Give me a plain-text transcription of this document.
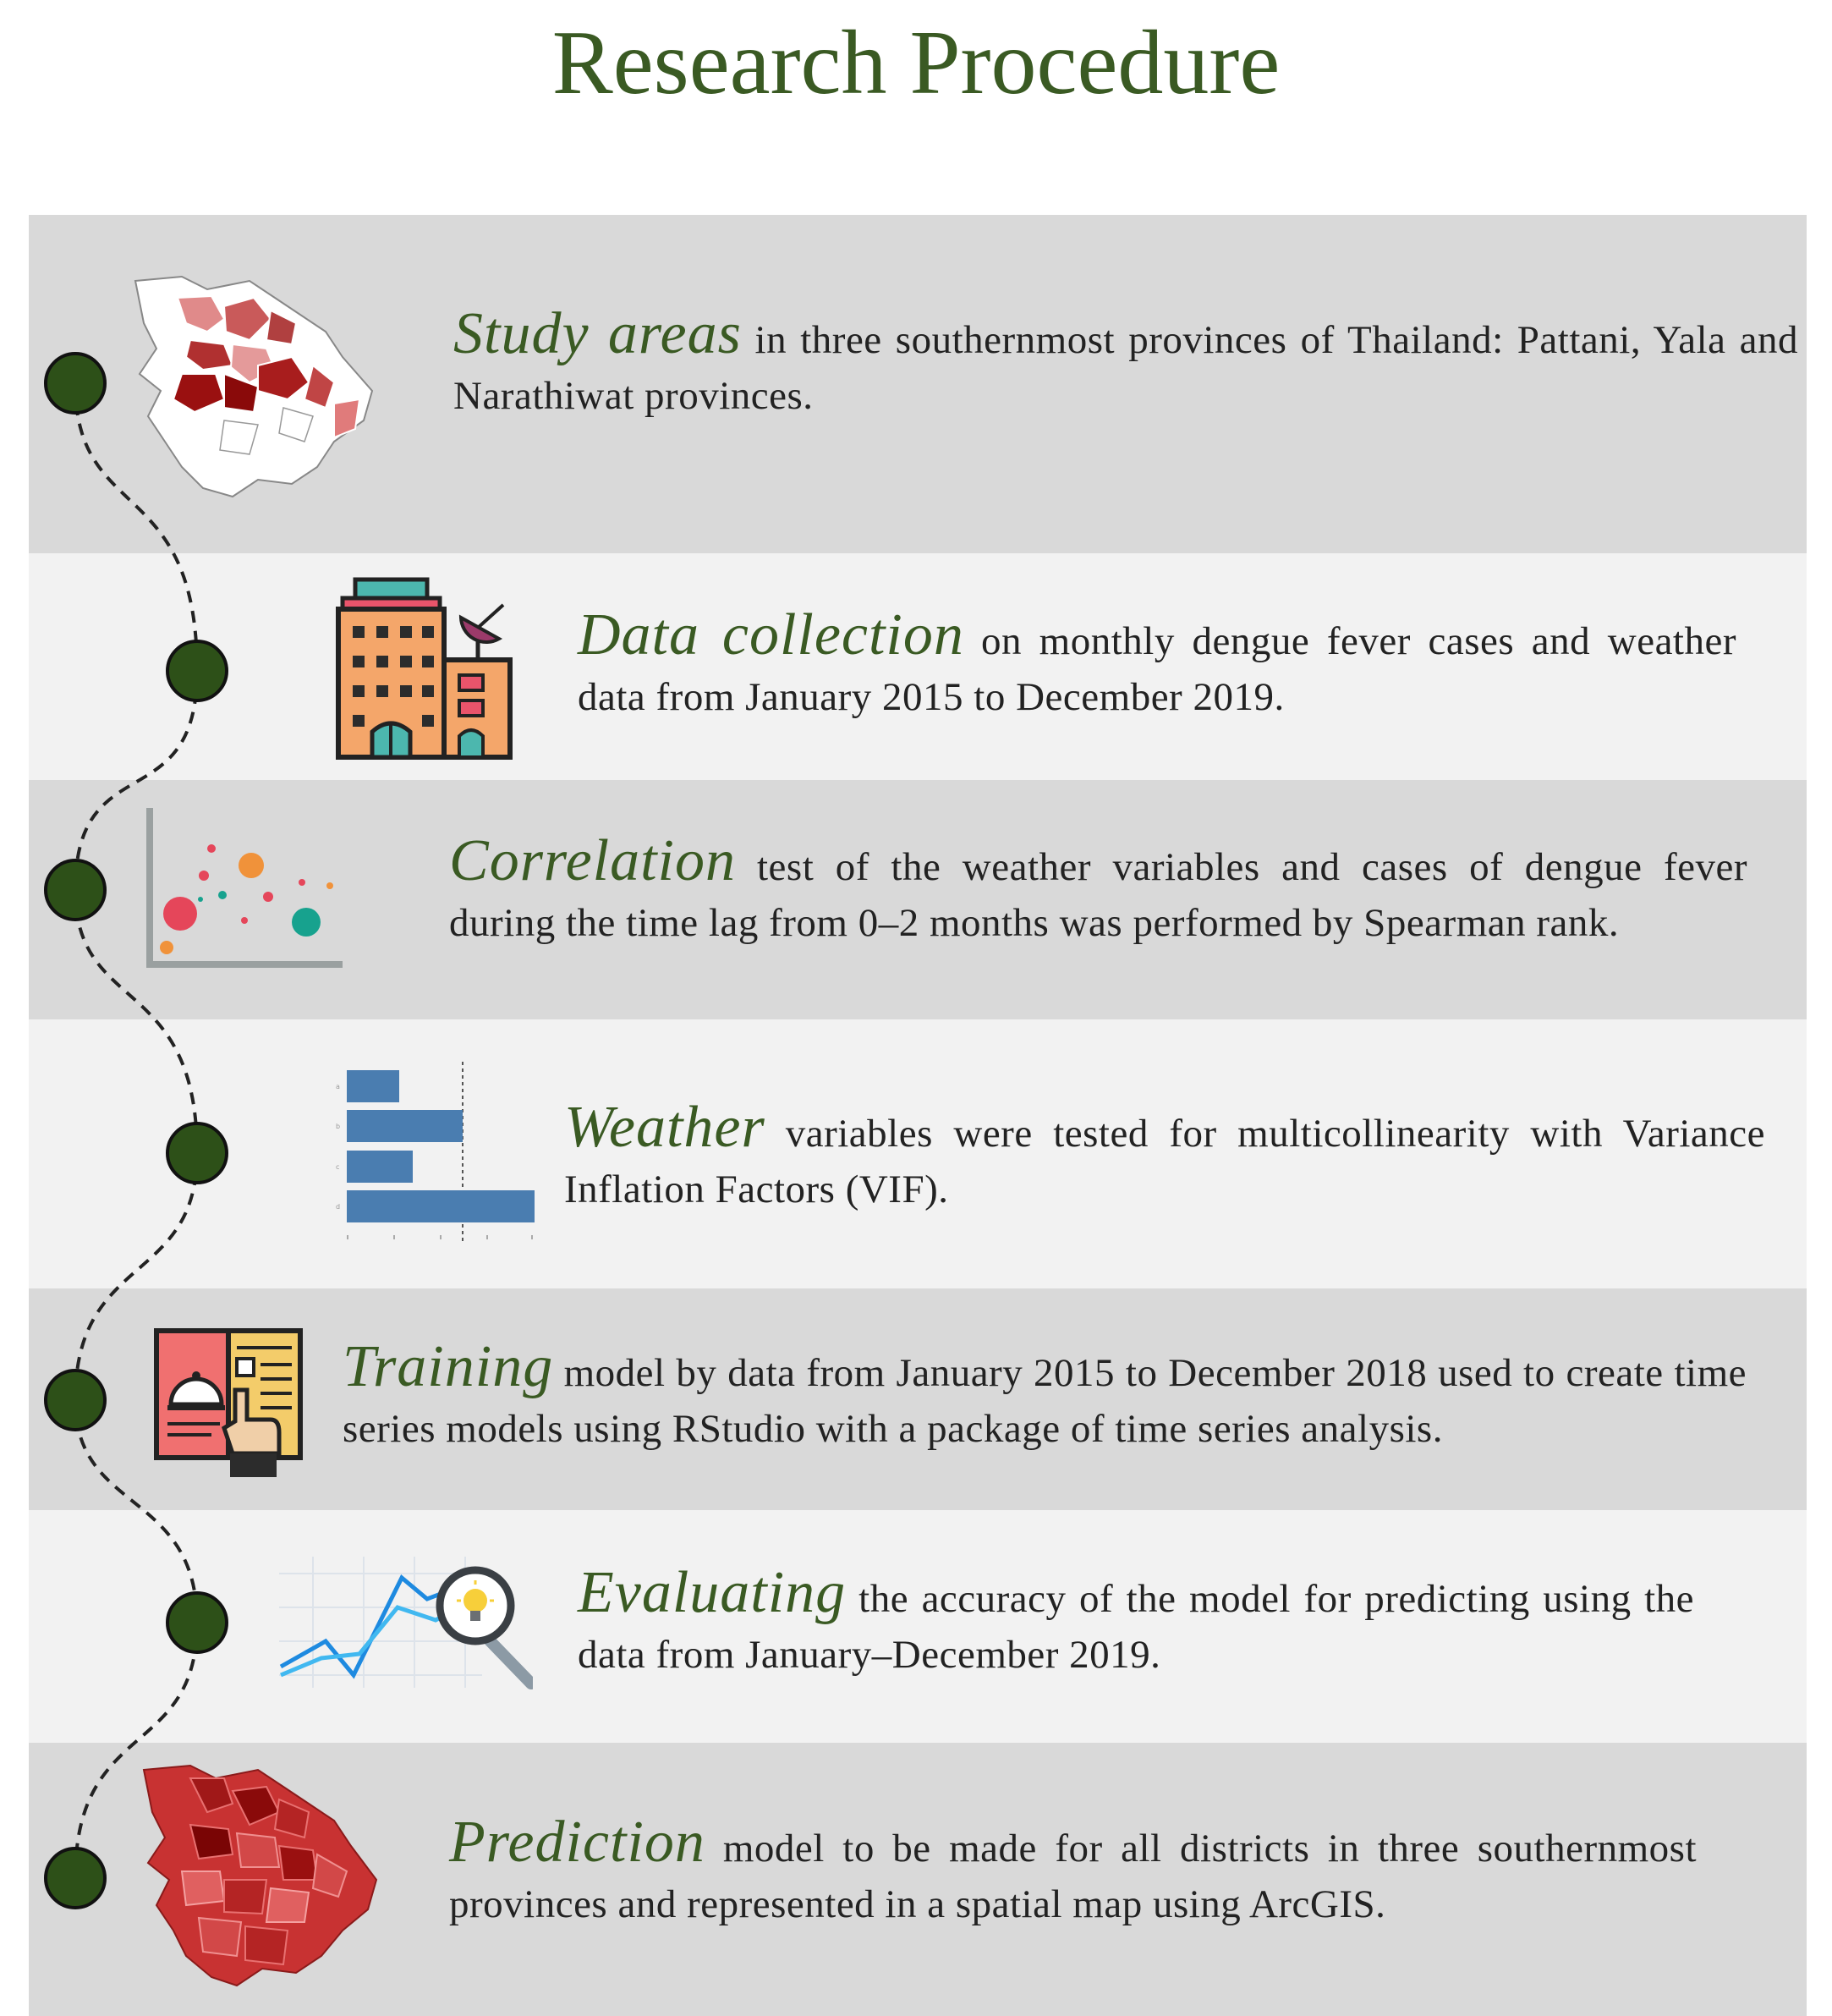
Research Procedure
a
b
c
d
Study areas in three southernmost provinces of Thailand: Pattani, Yala and Narathiwat provinces.
Data collection on monthly dengue fever cases and weather data from January 2015 to December 2019.
Correlation test of the weather variables and cases of dengue fever during the time lag from 0–2 months was performed by Spearman rank.
Weather variables were tested for multicollinearity with Variance Inflation Factors (VIF).
Training model by data from January 2015 to December 2018 used to create time series models using RStudio with a package of time series analysis.
Evaluating the accuracy of the model for predicting using the data from January–December 2019.
Prediction model to be made for all districts in three southernmost provinces and represented in a spatial map using ArcGIS.
